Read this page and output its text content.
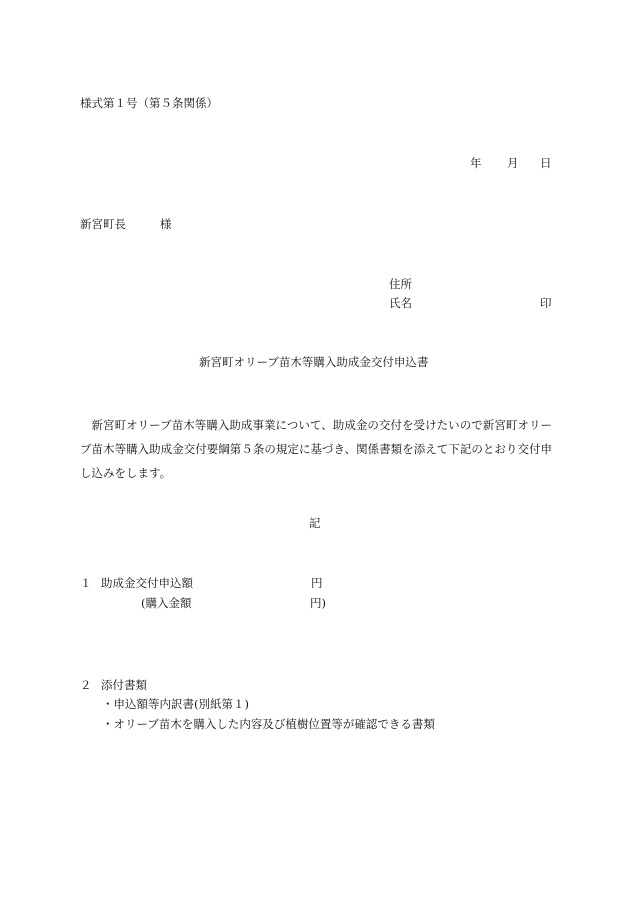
様式第１号（第５条関係）
年 月 日
新宮町長	様
住所
氏名	印
新宮町オリーブ苗木等購入助成金交付申込書
新宮町オリーブ苗木等購入助成事業について、助成金の交付を受けたいので新宮町オリーブ苗木等購入助成金交付要綱第５条の規定に基づき、関係書類を添えて下記のとおり交付申し込みをします。
記
１ 助成金交付申込額	円
(購入金額	円)
２ 添付書類
・申込額等内訳書(別紙第１)
・オリーブ苗木を購入した内容及び植樹位置等が確認できる書類
